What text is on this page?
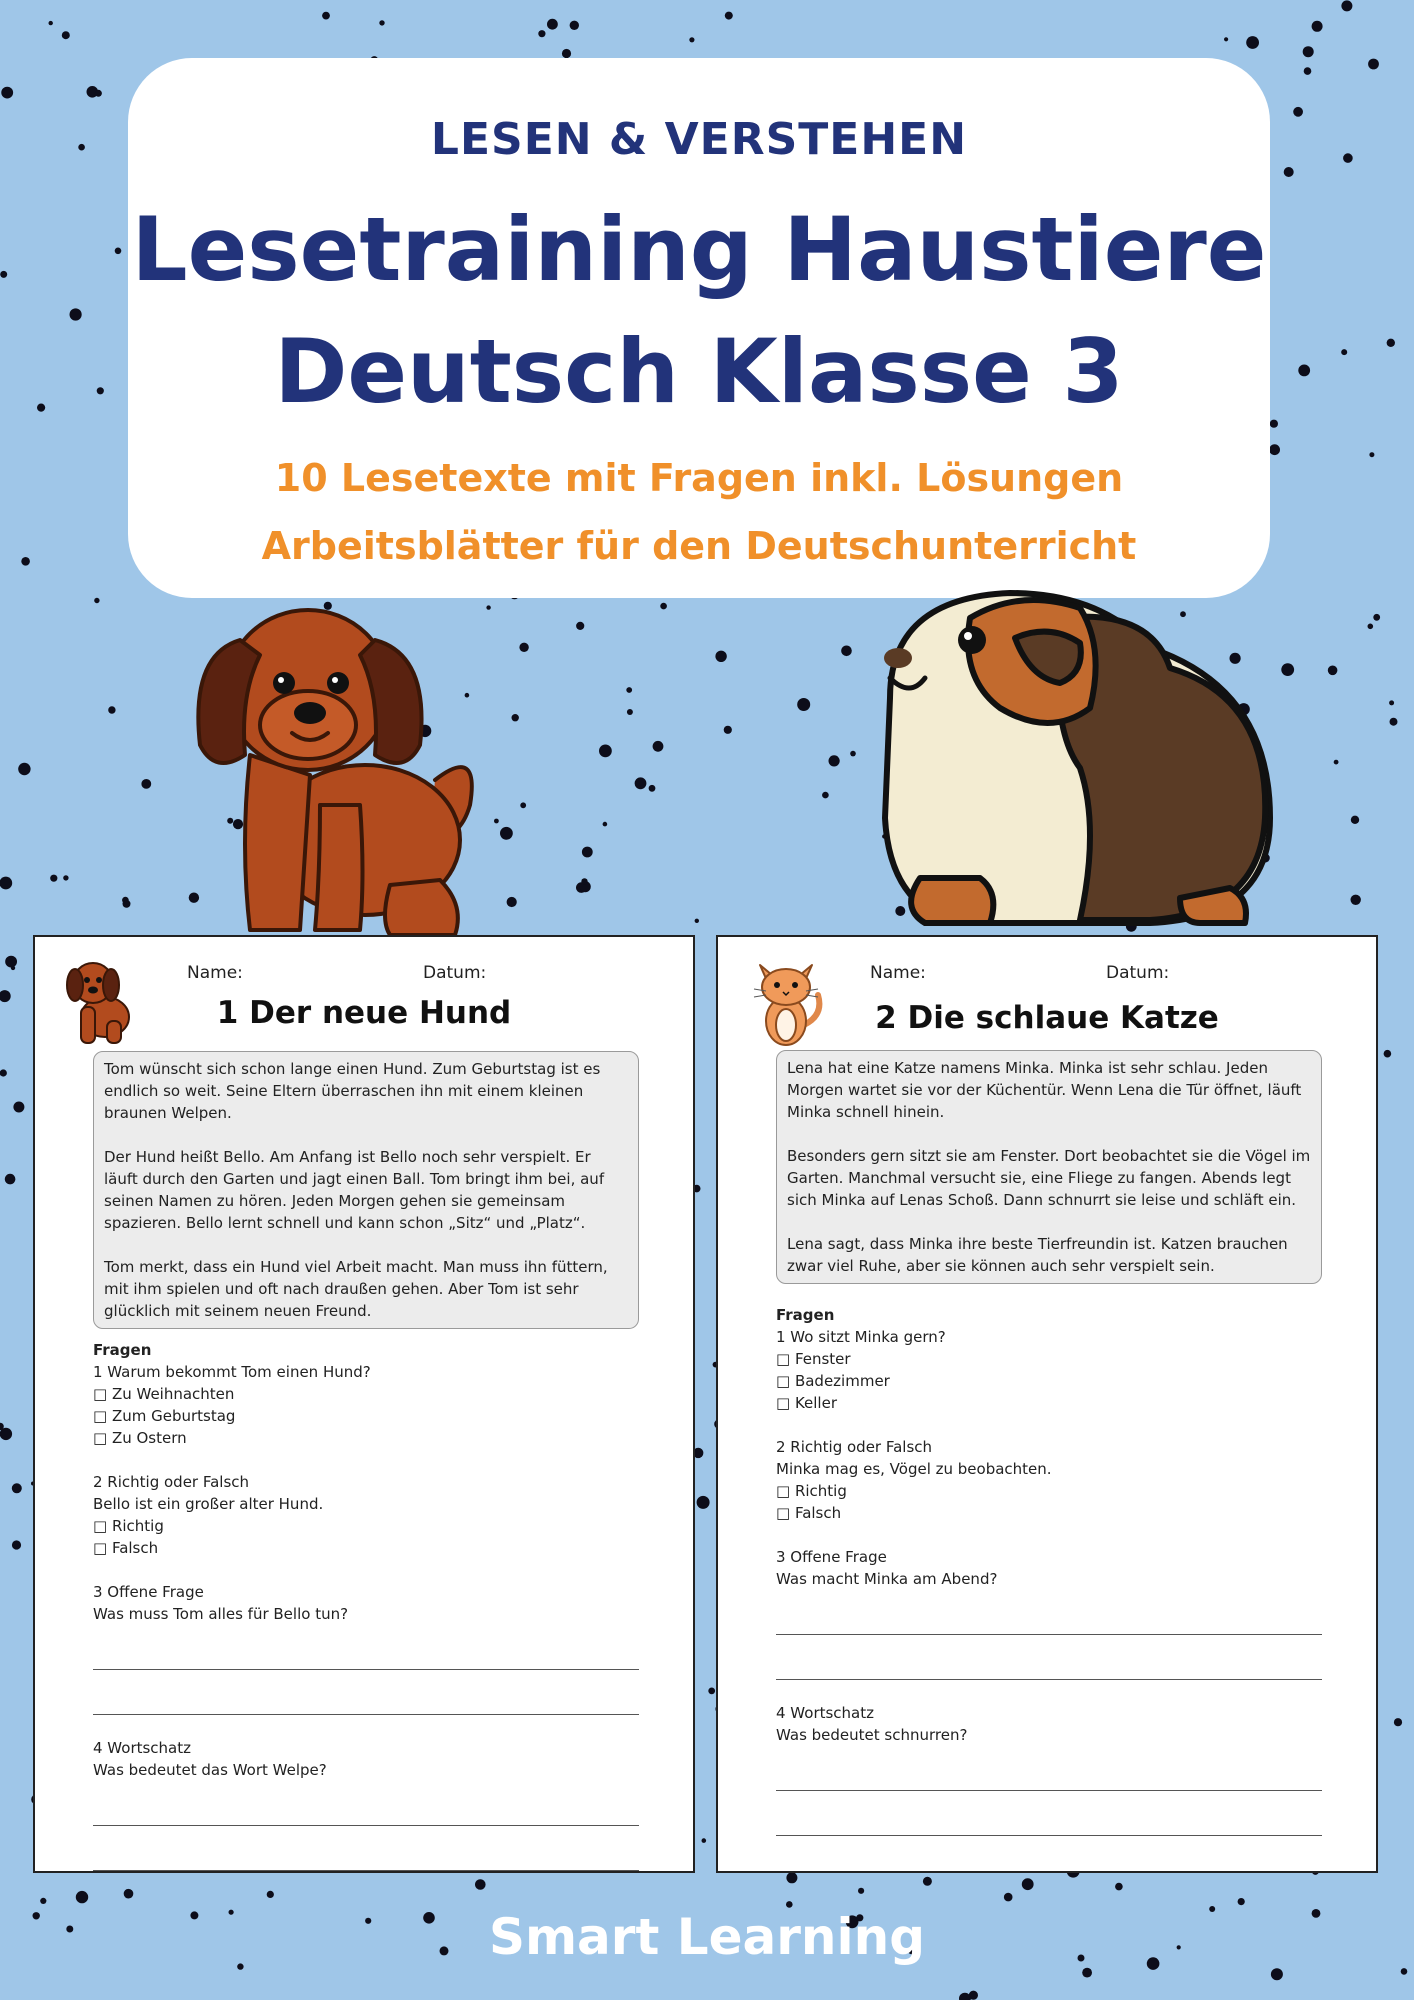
LESEN & VERSTEHEN
Lesetraining Haustiere
Deutsch Klasse 3
10 Lesetexte mit Fragen inkl. Lösungen
Arbeitsblätter für den Deutschunterricht
Name:	Datum:
1 Der neue Hund

Tom wünscht sich schon lange einen Hund. Zum Geburtstag ist es endlich so weit. Seine Eltern überraschen ihn mit einem kleinen braunen Welpen.

Der Hund heißt Bello. Am Anfang ist Bello noch sehr verspielt. Er läuft durch den Garten und jagt einen Ball. Tom bringt ihm bei, auf seinen Namen zu hören. Jeden Morgen gehen sie gemeinsam spazieren. Bello lernt schnell und kann schon „Sitz“ und „Platz“.

Tom merkt, dass ein Hund viel Arbeit macht. Man muss ihn füttern, mit ihm spielen und oft nach draußen gehen. Aber Tom ist sehr glücklich mit seinem neuen Freund.

Fragen
1 Warum bekommt Tom einen Hund?
□ Zu Weihnachten
□ Zum Geburtstag
□ Zu Ostern
2 Richtig oder Falsch
Bello ist ein großer alter Hund.
□ Richtig
□ Falsch
3 Offene Frage
Was muss Tom alles für Bello tun?
4 Wortschatz
Was bedeutet das Wort Welpe?
Name:	Datum:
2 Die schlaue Katze

Lena hat eine Katze namens Minka. Minka ist sehr schlau. Jeden Morgen wartet sie vor der Küchentür. Wenn Lena die Tür öffnet, läuft Minka schnell hinein.

Besonders gern sitzt sie am Fenster. Dort beobachtet sie die Vögel im Garten. Manchmal versucht sie, eine Fliege zu fangen. Abends legt sich Minka auf Lenas Schoß. Dann schnurrt sie leise und schläft ein.

Lena sagt, dass Minka ihre beste Tierfreundin ist. Katzen brauchen zwar viel Ruhe, aber sie können auch sehr verspielt sein.

Fragen
1 Wo sitzt Minka gern?
□ Fenster
□ Badezimmer
□ Keller
2 Richtig oder Falsch
Minka mag es, Vögel zu beobachten.
□ Richtig
□ Falsch
3 Offene Frage
Was macht Minka am Abend?
4 Wortschatz
Was bedeutet schnurren?
Smart Learning
